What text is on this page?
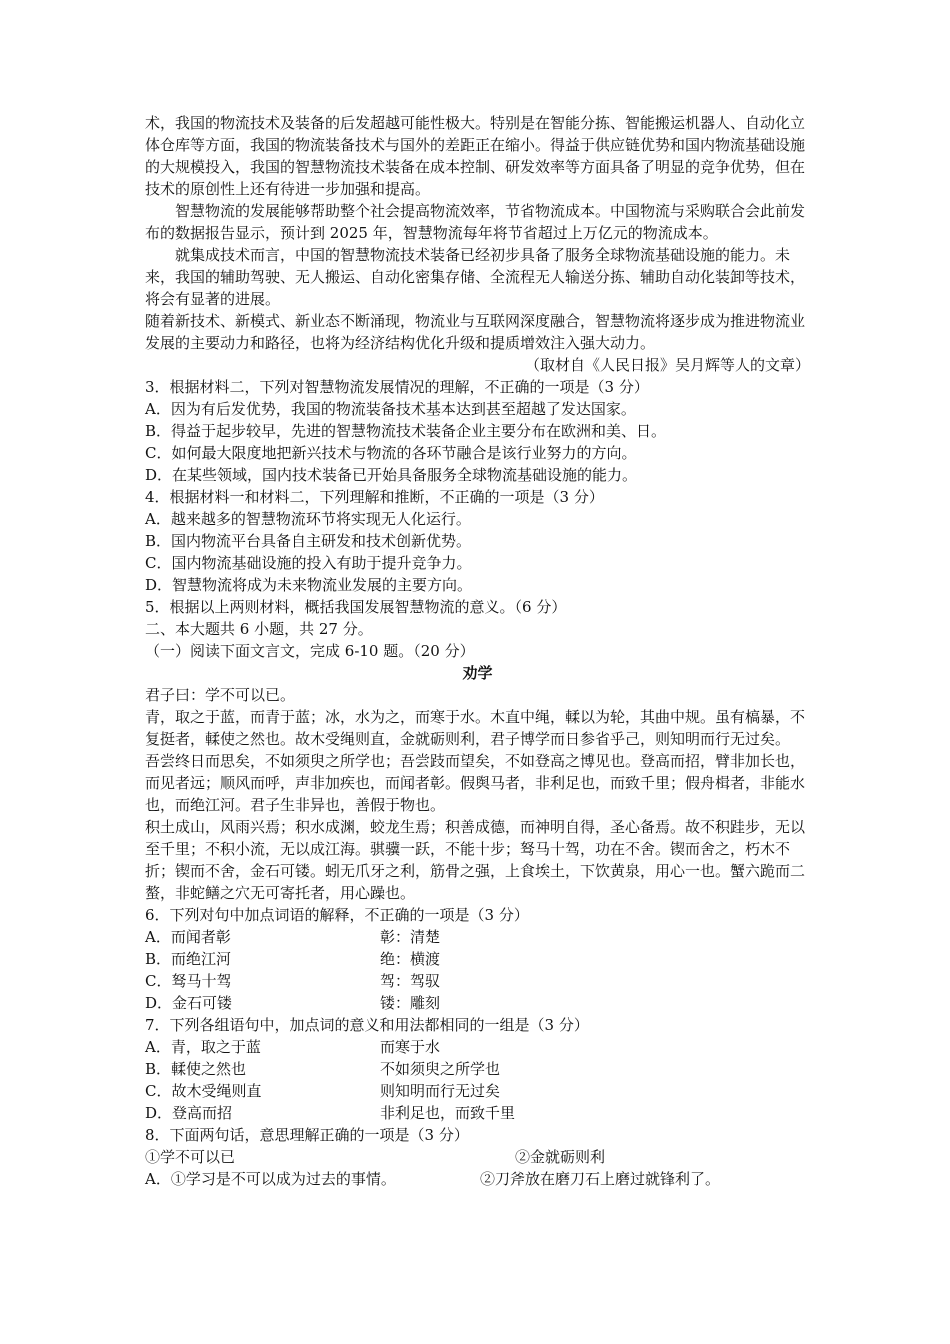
术，我国的物流技术及装备的后发超越可能性极大。特别是在智能分拣、智能搬运机器人、自动化立体仓库等方面，我国的物流装备技术与国外的差距正在缩小。得益于供应链优势和国内物流基础设施的大规模投入，我国的智慧物流技术装备在成本控制、研发效率等方面具备了明显的竞争优势，但在技术的原创性上还有待进一步加强和提高。

智慧物流的发展能够帮助整个社会提高物流效率，节省物流成本。中国物流与采购联合会此前发布的数据报告显示，预计到 2025 年，智慧物流每年将节省超过上万亿元的物流成本。

就集成技术而言，中国的智慧物流技术装备已经初步具备了服务全球物流基础设施的能力。未来，我国的辅助驾驶、无人搬运、自动化密集存储、全流程无人输送分拣、辅助自动化装卸等技术，将会有显著的进展。

随着新技术、新模式、新业态不断涌现，物流业与互联网深度融合，智慧物流将逐步成为推进物流业发展的主要动力和路径，也将为经济结构优化升级和提质增效注入强大动力。

（取材自《人民日报》吴月辉等人的文章）

3．根据材料二，下列对智慧物流发展情况的理解，不正确的一项是（3 分）

A．因为有后发优势，我国的物流装备技术基本达到甚至超越了发达国家。

B．得益于起步较早，先进的智慧物流技术装备企业主要分布在欧洲和美、日。

C．如何最大限度地把新兴技术与物流的各环节融合是该行业努力的方向。

D．在某些领域，国内技术装备已开始具备服务全球物流基础设施的能力。

4．根据材料一和材料二，下列理解和推断，不正确的一项是（3 分）

A．越来越多的智慧物流环节将实现无人化运行。

B．国内物流平台具备自主研发和技术创新优势。

C．国内物流基础设施的投入有助于提升竞争力。

D．智慧物流将成为未来物流业发展的主要方向。

5．根据以上两则材料，概括我国发展智慧物流的意义。（6 分）

二、本大题共 6 小题，共 27 分。

（一）阅读下面文言文，完成 6-10 题。（20 分）

劝学

君子曰：学不可以已。

青，取之于蓝，而青于蓝；冰，水为之，而寒于水。木直中绳，輮以为轮，其曲中规。虽有槁暴，不复挺者，輮使之然也。故木受绳则直，金就砺则利，君子博学而日参省乎己，则知明而行无过矣。

吾尝终日而思矣，不如须臾之所学也；吾尝跂而望矣，不如登高之博见也。登高而招，臂非加长也，而见者远；顺风而呼，声非加疾也，而闻者彰。假舆马者，非利足也，而致千里；假舟楫者，非能水也，而绝江河。君子生非异也，善假于物也。

积土成山，风雨兴焉；积水成渊，蛟龙生焉；积善成德，而神明自得，圣心备焉。故不积跬步，无以至千里；不积小流，无以成江海。骐骥一跃，不能十步；驽马十驾，功在不舍。锲而舍之，朽木不折；锲而不舍，金石可镂。蚓无爪牙之利，筋骨之强，上食埃土，下饮黄泉，用心一也。蟹六跪而二螯，非蛇鳝之穴无可寄托者，用心躁也。

6．下列对句中加点词语的解释，不正确的一项是（3 分）

A．而闻者彰	彰：清楚
B．而绝江河	绝：横渡
C．驽马十驾	驾：驾驭
D．金石可镂	镂：雕刻

7．下列各组语句中，加点词的意义和用法都相同的一组是（3 分）

A．青，取之于蓝	而寒于水
B．輮使之然也	不如须臾之所学也
C．故木受绳则直	则知明而行无过矣
D．登高而招	非利足也，而致千里

8．下面两句话，意思理解正确的一项是（3 分）

①学不可以已	②金就砺则利
A．①学习是不可以成为过去的事情。	②刀斧放在磨刀石上磨过就锋利了。
